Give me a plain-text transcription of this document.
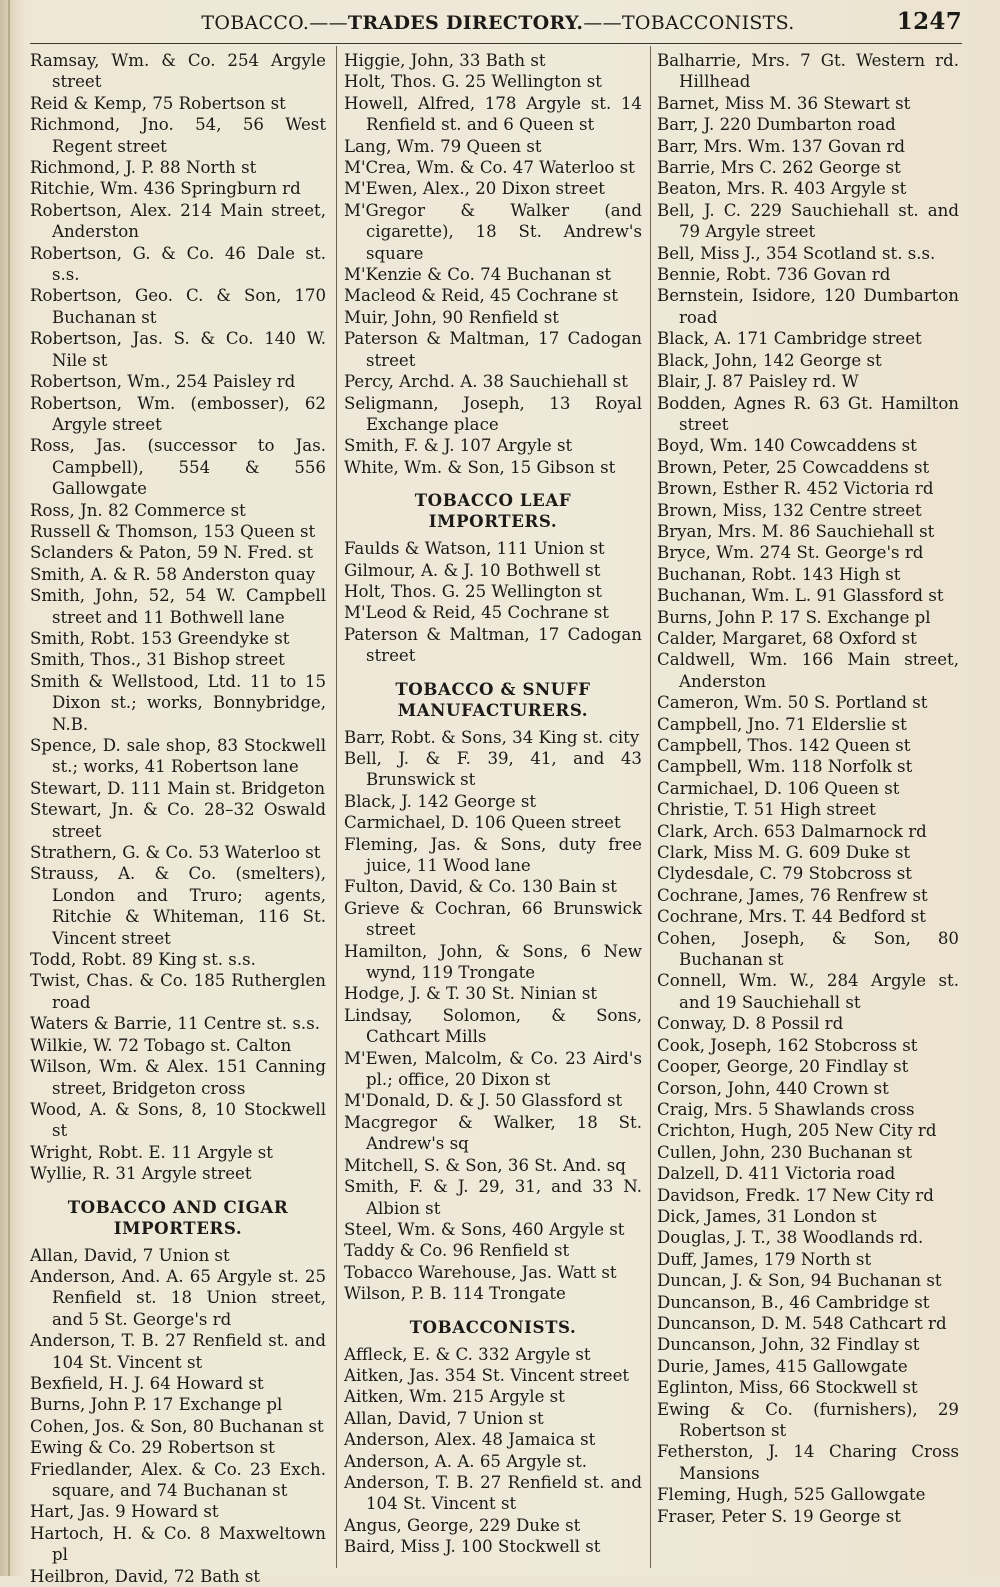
TOBACCO. —— TRADES DIRECTORY. —— TOBACCONISTS.	1247

Ramsay, Wm. & Co. 254 Argyle street

Reid & Kemp, 75 Robertson st

Richmond, Jno. 54, 56 West Regent street

Richmond, J. P. 88 North st

Ritchie, Wm. 436 Springburn rd

Robertson, Alex. 214 Main street, Anderston

Robertson, G. & Co. 46 Dale st. s.s.

Robertson, Geo. C. & Son, 170 Buchanan st

Robertson, Jas. S. & Co. 140 W. Nile st

Robertson, Wm., 254 Paisley rd

Robertson, Wm. (embosser), 62 Argyle street

Ross, Jas. (successor to Jas. Campbell), 554 & 556 Gallowgate

Ross, Jn. 82 Commerce st

Russell & Thomson, 153 Queen st

Sclanders & Paton, 59 N. Fred. st

Smith, A. & R. 58 Anderston quay

Smith, John, 52, 54 W. Campbell street and 11 Bothwell lane

Smith, Robt. 153 Greendyke st

Smith, Thos., 31 Bishop street

Smith & Wellstood, Ltd. 11 to 15 Dixon st.; works, Bonnybridge, N.B.

Spence, D. sale shop, 83 Stockwell st.; works, 41 Robertson lane

Stewart, D. 111 Main st. Bridgeton

Stewart, Jn. & Co. 28–32 Oswald street

Strathern, G. & Co. 53 Waterloo st

Strauss, A. & Co. (smelters), London and Truro; agents, Ritchie & Whiteman, 116 St. Vincent street

Todd, Robt. 89 King st. s.s.

Twist, Chas. & Co. 185 Rutherglen road

Waters & Barrie, 11 Centre st. s.s.

Wilkie, W. 72 Tobago st. Calton

Wilson, Wm. & Alex. 151 Canning street, Bridgeton cross

Wood, A. & Sons, 8, 10 Stockwell st

Wright, Robt. E. 11 Argyle st

Wyllie, R. 31 Argyle street

TOBACCO AND CIGAR IMPORTERS.

Allan, David, 7 Union st

Anderson, And. A. 65 Argyle st. 25 Renfield st. 18 Union street, and 5 St. George's rd

Anderson, T. B. 27 Renfield st. and 104 St. Vincent st

Bexfield, H. J. 64 Howard st

Burns, John P. 17 Exchange pl

Cohen, Jos. & Son, 80 Buchanan st

Ewing & Co. 29 Robertson st

Friedlander, Alex. & Co. 23 Exch. square, and 74 Buchanan st

Hart, Jas. 9 Howard st

Hartoch, H. & Co. 8 Maxweltown pl

Heilbron, David, 72 Bath st

Higgie, John, 33 Bath st

Holt, Thos. G. 25 Wellington st

Howell, Alfred, 178 Argyle st. 14 Renfield st. and 6 Queen st

Lang, Wm. 79 Queen st

M'Crea, Wm. & Co. 47 Waterloo st

M'Ewen, Alex., 20 Dixon street

M'Gregor & Walker (and cigarette), 18 St. Andrew's square

M'Kenzie & Co. 74 Buchanan st

Macleod & Reid, 45 Cochrane st

Muir, John, 90 Renfield st

Paterson & Maltman, 17 Cadogan street

Percy, Archd. A. 38 Sauchiehall st

Seligmann, Joseph, 13 Royal Exchange place

Smith, F. & J. 107 Argyle st

White, Wm. & Son, 15 Gibson st

TOBACCO LEAF IMPORTERS.

Faulds & Watson, 111 Union st

Gilmour, A. & J. 10 Bothwell st

Holt, Thos. G. 25 Wellington st

M'Leod & Reid, 45 Cochrane st

Paterson & Maltman, 17 Cadogan street

TOBACCO & SNUFF MANUFACTURERS.

Barr, Robt. & Sons, 34 King st. city

Bell, J. & F. 39, 41, and 43 Brunswick st

Black, J. 142 George st

Carmichael, D. 106 Queen street

Fleming, Jas. & Sons, duty free juice, 11 Wood lane

Fulton, David, & Co. 130 Bain st

Grieve & Cochran, 66 Brunswick street

Hamilton, John, & Sons, 6 New wynd, 119 Trongate

Hodge, J. & T. 30 St. Ninian st

Lindsay, Solomon, & Sons, Cathcart Mills

M'Ewen, Malcolm, & Co. 23 Aird's pl.; office, 20 Dixon st

M'Donald, D. & J. 50 Glassford st

Macgregor & Walker, 18 St. Andrew's sq

Mitchell, S. & Son, 36 St. And. sq

Smith, F. & J. 29, 31, and 33 N. Albion st

Steel, Wm. & Sons, 460 Argyle st

Taddy & Co. 96 Renfield st

Tobacco Warehouse, Jas. Watt st

Wilson, P. B. 114 Trongate

TOBACCONISTS.

Affleck, E. & C. 332 Argyle st

Aitken, Jas. 354 St. Vincent street

Aitken, Wm. 215 Argyle st

Allan, David, 7 Union st

Anderson, Alex. 48 Jamaica st

Anderson, A. A. 65 Argyle st.

Anderson, T. B. 27 Renfield st. and 104 St. Vincent st

Angus, George, 229 Duke st

Baird, Miss J. 100 Stockwell st

Balharrie, Mrs. 7 Gt. Western rd. Hillhead

Barnet, Miss M. 36 Stewart st

Barr, J. 220 Dumbarton road

Barr, Mrs. Wm. 137 Govan rd

Barrie, Mrs C. 262 George st

Beaton, Mrs. R. 403 Argyle st

Bell, J. C. 229 Sauchiehall st. and 79 Argyle street

Bell, Miss J., 354 Scotland st. s.s.

Bennie, Robt. 736 Govan rd

Bernstein, Isidore, 120 Dumbarton road

Black, A. 171 Cambridge street

Black, John, 142 George st

Blair, J. 87 Paisley rd. W

Bodden, Agnes R. 63 Gt. Hamilton street

Boyd, Wm. 140 Cowcaddens st

Brown, Peter, 25 Cowcaddens st

Brown, Esther R. 452 Victoria rd

Brown, Miss, 132 Centre street

Bryan, Mrs. M. 86 Sauchiehall st

Bryce, Wm. 274 St. George's rd

Buchanan, Robt. 143 High st

Buchanan, Wm. L. 91 Glassford st

Burns, John P. 17 S. Exchange pl

Calder, Margaret, 68 Oxford st

Caldwell, Wm. 166 Main street, Anderston

Cameron, Wm. 50 S. Portland st

Campbell, Jno. 71 Elderslie st

Campbell, Thos. 142 Queen st

Campbell, Wm. 118 Norfolk st

Carmichael, D. 106 Queen st

Christie, T. 51 High street

Clark, Arch. 653 Dalmarnock rd

Clark, Miss M. G. 609 Duke st

Clydesdale, C. 79 Stobcross st

Cochrane, James, 76 Renfrew st

Cochrane, Mrs. T. 44 Bedford st

Cohen, Joseph, & Son, 80 Buchanan st

Connell, Wm. W., 284 Argyle st. and 19 Sauchiehall st

Conway, D. 8 Possil rd

Cook, Joseph, 162 Stobcross st

Cooper, George, 20 Findlay st

Corson, John, 440 Crown st

Craig, Mrs. 5 Shawlands cross

Crichton, Hugh, 205 New City rd

Cullen, John, 230 Buchanan st

Dalzell, D. 411 Victoria road

Davidson, Fredk. 17 New City rd

Dick, James, 31 London st

Douglas, J. T., 38 Woodlands rd.

Duff, James, 179 North st

Duncan, J. & Son, 94 Buchanan st

Duncanson, B., 46 Cambridge st

Duncanson, D. M. 548 Cathcart rd

Duncanson, John, 32 Findlay st

Durie, James, 415 Gallowgate

Eglinton, Miss, 66 Stockwell st

Ewing & Co. (furnishers), 29 Robertson st

Fetherston, J. 14 Charing Cross Mansions

Fleming, Hugh, 525 Gallowgate

Fraser, Peter S. 19 George st
